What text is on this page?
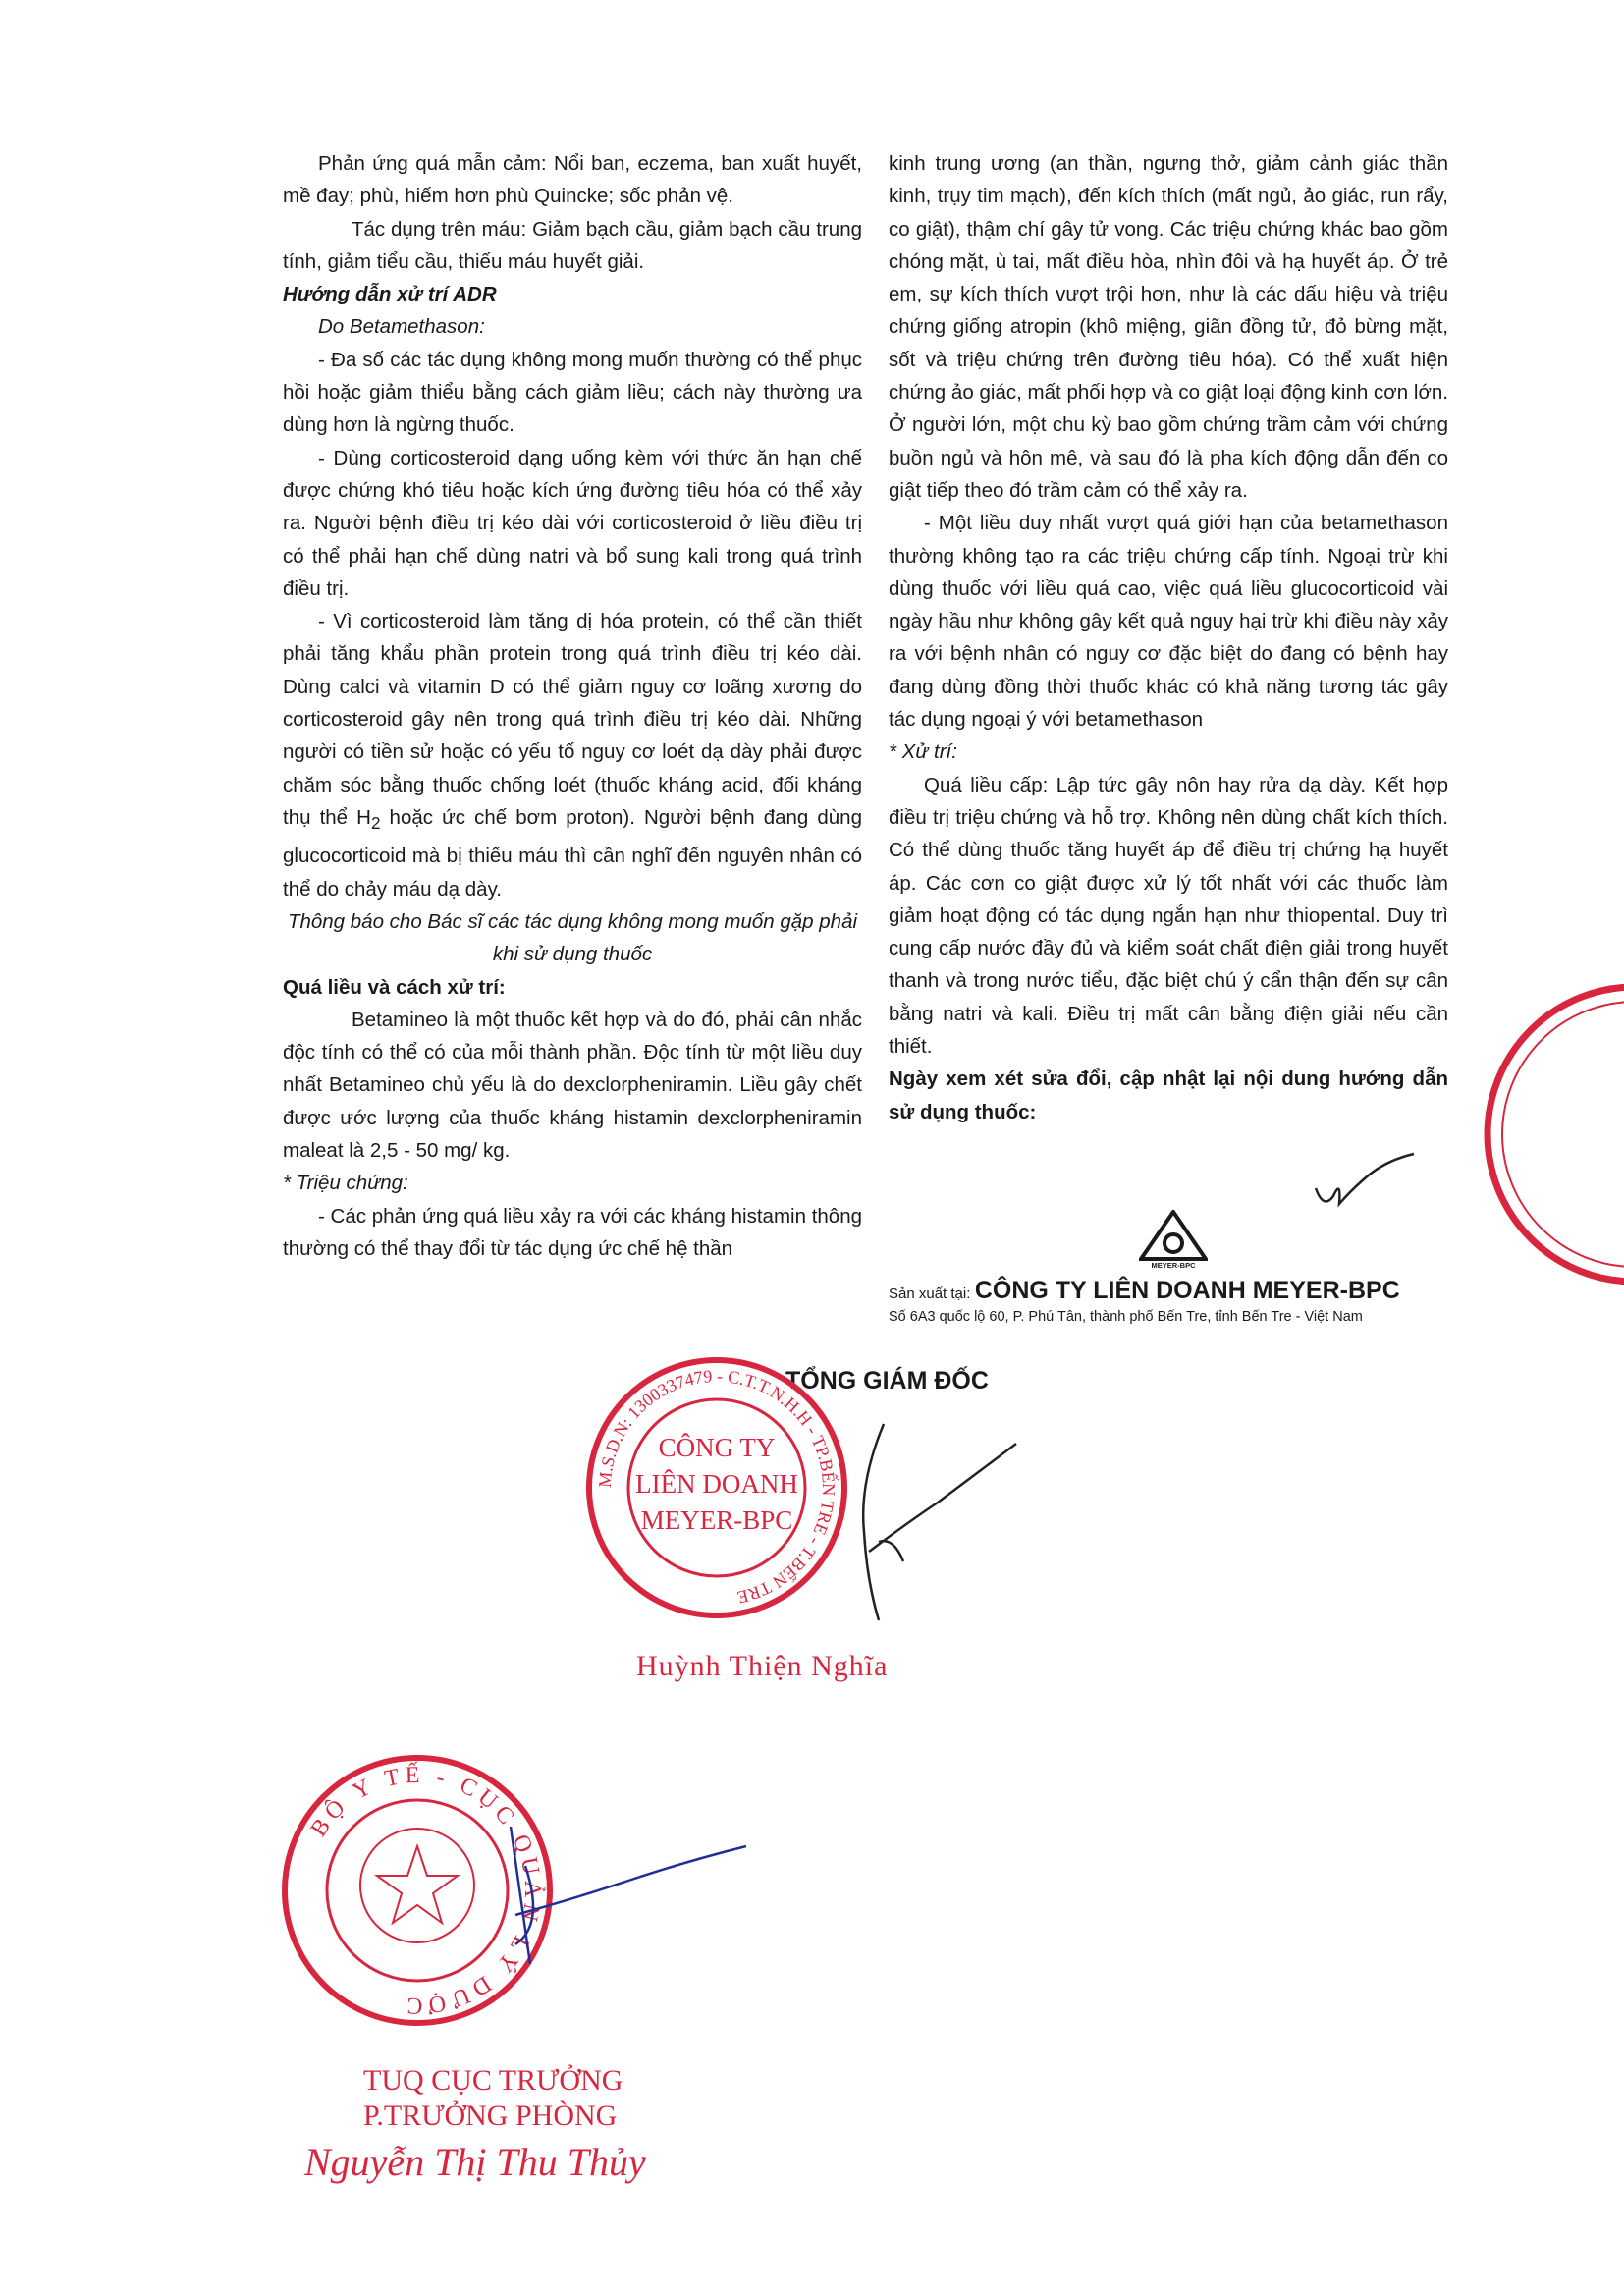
Phản ứng quá mẫn cảm: Nổi ban, eczema, ban xuất huyết, mề đay; phù, hiếm hơn phù Quincke; sốc phản vệ.

Tác dụng trên máu: Giảm bạch cầu, giảm bạch cầu trung tính, giảm tiểu cầu, thiếu máu huyết giải.

Hướng dẫn xử trí ADR

Do Betamethason:

- Đa số các tác dụng không mong muốn thường có thể phục hồi hoặc giảm thiểu bằng cách giảm liều; cách này thường ưa dùng hơn là ngừng thuốc.

- Dùng corticosteroid dạng uống kèm với thức ăn hạn chế được chứng khó tiêu hoặc kích ứng đường tiêu hóa có thể xảy ra. Người bệnh điều trị kéo dài với corticosteroid ở liều điều trị có thể phải hạn chế dùng natri và bổ sung kali trong quá trình điều trị.

- Vì corticosteroid làm tăng dị hóa protein, có thể cần thiết phải tăng khẩu phần protein trong quá trình điều trị kéo dài. Dùng calci và vitamin D có thể giảm nguy cơ loãng xương do corticosteroid gây nên trong quá trình điều trị kéo dài. Những người có tiền sử hoặc có yếu tố nguy cơ loét dạ dày phải được chăm sóc bằng thuốc chống loét (thuốc kháng acid, đối kháng thụ thể $H_2$ hoặc ức chế bơm proton). Người bệnh đang dùng glucocorticoid mà bị thiếu máu thì cần nghĩ đến nguyên nhân có thể do chảy máu dạ dày.

Thông báo cho Bác sĩ các tác dụng không mong muốn gặp phải khi sử dụng thuốc

Quá liều và cách xử trí:

Betamineo là một thuốc kết hợp và do đó, phải cân nhắc độc tính có thể có của mỗi thành phần. Độc tính từ một liều duy nhất Betamineo chủ yếu là do dexclorpheniramin. Liều gây chết được ước lượng của thuốc kháng histamin dexclorpheniramin maleat là 2,5 - 50 mg/ kg.

* Triệu chứng:

- Các phản ứng quá liều xảy ra với các kháng histamin thông thường có thể thay đổi từ tác dụng ức chế hệ thần

kinh trung ương (an thần, ngưng thở, giảm cảnh giác thần kinh, trụy tim mạch), đến kích thích (mất ngủ, ảo giác, run rẩy, co giật), thậm chí gây tử vong. Các triệu chứng khác bao gồm chóng mặt, ù tai, mất điều hòa, nhìn đôi và hạ huyết áp. Ở trẻ em, sự kích thích vượt trội hơn, như là các dấu hiệu và triệu chứng giống atropin (khô miệng, giãn đồng tử, đỏ bừng mặt, sốt và triệu chứng trên đường tiêu hóa). Có thể xuất hiện chứng ảo giác, mất phối hợp và co giật loại động kinh cơn lớn. Ở người lớn, một chu kỳ bao gồm chứng trầm cảm với chứng buồn ngủ và hôn mê, và sau đó là pha kích động dẫn đến co giật tiếp theo đó trầm cảm có thể xảy ra.

- Một liều duy nhất vượt quá giới hạn của betamethason thường không tạo ra các triệu chứng cấp tính. Ngoại trừ khi dùng thuốc với liều quá cao, việc quá liều glucocorticoid vài ngày hầu như không gây kết quả nguy hại trừ khi điều này xảy ra với bệnh nhân có nguy cơ đặc biệt do đang có bệnh hay đang dùng đồng thời thuốc khác có khả năng tương tác gây tác dụng ngoại ý với betamethason

* Xử trí:

Quá liều cấp: Lập tức gây nôn hay rửa dạ dày. Kết hợp điều trị triệu chứng và hỗ trợ. Không nên dùng chất kích thích. Có thể dùng thuốc tăng huyết áp để điều trị chứng hạ huyết áp. Các cơn co giật được xử lý tốt nhất với các thuốc làm giảm hoạt động có tác dụng ngắn hạn như thiopental. Duy trì cung cấp nước đầy đủ và kiểm soát chất điện giải trong huyết thanh và trong nước tiểu, đặc biệt chú ý cẩn thận đến sự cân bằng natri và kali. Điều trị mất cân bằng điện giải nếu cần thiết.

Ngày xem xét sửa đổi, cập nhật lại nội dung hướng dẫn sử dụng thuốc:

MEYER-BPC
Sản xuất tại: CÔNG TY LIÊN DOANH MEYER-BPC
Số 6A3 quốc lộ 60, P. Phú Tân, thành phố Bến Tre, tỉnh Bến Tre - Việt Nam
TỔNG GIÁM ĐỐC
M.S.D.N: 1300337479 - C.T.T.N.H.H - TP.BẾN TRE - T.BẾN TRE
CÔNG TY
LIÊN DOANH
MEYER-BPC
Huỳnh Thiện Nghĩa
BỘ Y TẾ - CỤC QUẢN LÝ DƯỢC
TUQ CỤC TRƯỞNG
P.TRƯỞNG PHÒNG
Nguyễn Thị Thu Thủy
